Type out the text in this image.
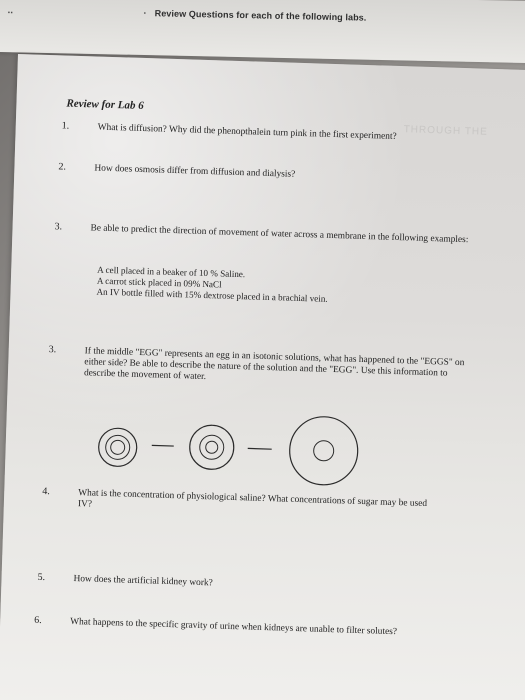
· Review Questions for each of the following labs.
..
THROUGH THE
Review for Lab 6
1.	What is diffusion? Why did the phenopthalein turn pink in the first experiment?
2.	How does osmosis differ from diffusion and dialysis?
3.	Be able to predict the direction of movement of water across a membrane in the following examples:
A cell placed in a beaker of 10 % Saline.
A carrot stick placed in 09% NaCl
An IV bottle filled with 15% dextrose placed in a brachial vein.
3.	If the middle "EGG" represents an egg in an isotonic solutions, what has happened to the "EGGS" on either side? Be able to describe the nature of the solution and the "EGG". Use this information to describe the movement of water.
4.	What is the concentration of physiological saline? What concentrations of sugar may be used IV?
5.	How does the artificial kidney work?
6.	What happens to the specific gravity of urine when kidneys are unable to filter solutes?
